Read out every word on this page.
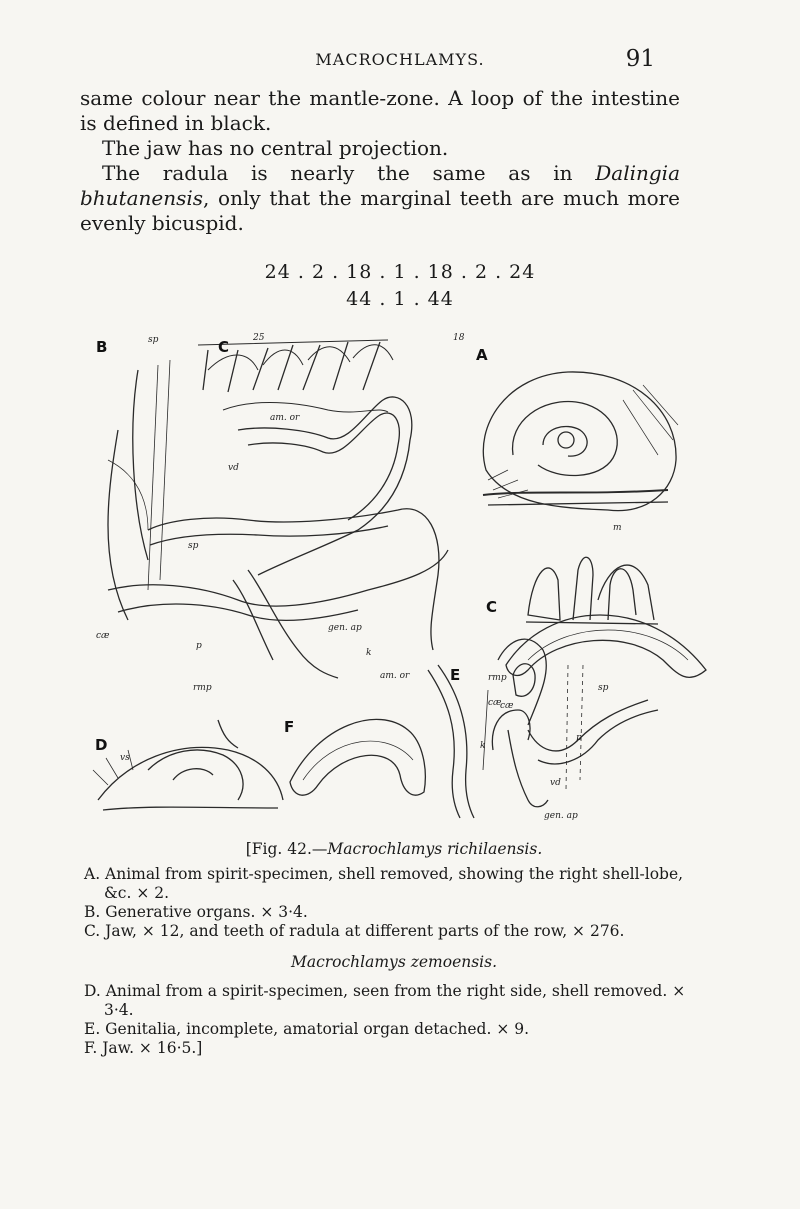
MACROCHLAMYS.	91

same colour near the mantle-zone. A loop of the intestine is defined in black.

The jaw has no central projection.

The radula is nearly the same as in Dalingia bhutanensis, only that the marginal teeth are much more evenly bicuspid.

24 . 2 . 18 . 1 . 18 . 2 . 24
44 . 1 . 44
B	C	A
C
D
E
F
sp
sp
cæ
am. or
vd
gen. ap
k
p
cæ
rmp
vs
am. or
m
rmp
cæ
k
sp
p
vd
gen. ap
25	18

[Fig. 42.—Macrochlamys richilaensis.

A. Animal from spirit-specimen, shell removed, showing the right shell-lobe, &c. × 2.

B. Generative organs. × 3·4.

C. Jaw, × 12, and teeth of radula at different parts of the row, × 276.

Macrochlamys zemoensis.

D. Animal from a spirit-specimen, seen from the right side, shell removed. × 3·4.

E. Genitalia, incomplete, amatorial organ detached. × 9.

F. Jaw. × 16·5.]
